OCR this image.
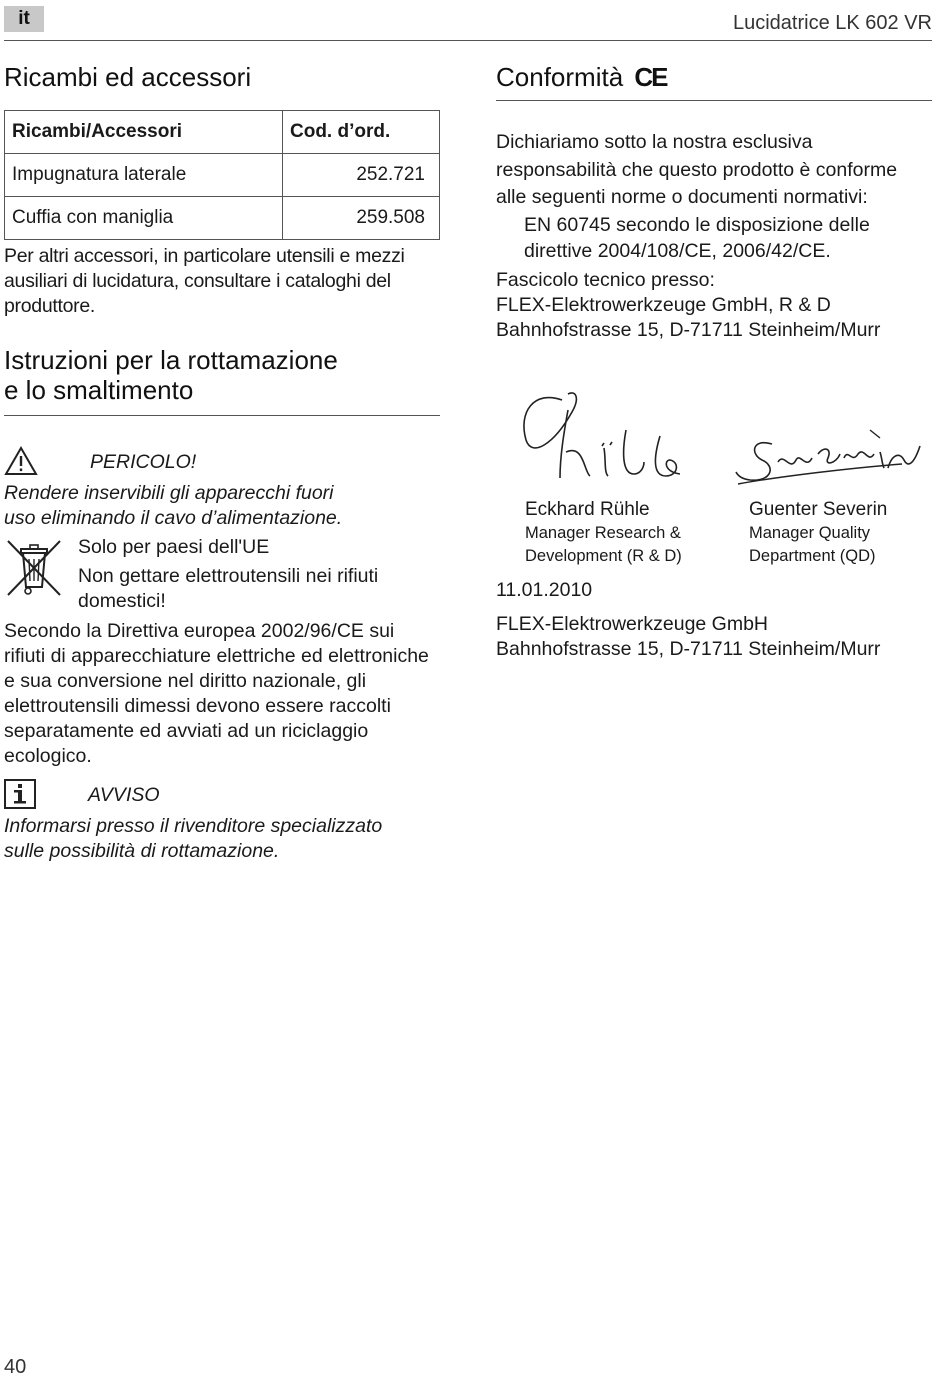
it	Lucidatrice LK 602 VR
Ricambi ed accessori
Ricambi/Accessori	Cod. d’ord.
Impugnatura laterale	252.721
Cuffia con maniglia	259.508

Per altri accessori, in particolare utensili e mezzi ausiliari di lucidatura, consultare i cataloghi del produttore.

Istruzioni per la rottamazione
e lo smaltimento

PERICOLO!

Rendere inservibili gli apparecchi fuori

uso eliminando il cavo d’alimentazione.

Solo per paesi dell'UE

Non gettare elettroutensili nei rifiuti

domestici!

Secondo la Direttiva europea 2002/96/CE sui rifiuti di apparecchiature elettriche ed elettroniche e sua conversione nel diritto nazionale, gli elettroutensili dimessi devono essere raccolti separatamente ed avviati ad un riciclaggio ecologico.

AVVISO

Informarsi presso il rivenditore specializzato

sulle possibilità di rottamazione.

Conformità CE

Dichiariamo sotto la nostra esclusiva responsabilità che questo prodotto è conforme alle seguenti norme o documenti normativi:

EN 60745 secondo le disposizione delle

direttive 2004/108/CE, 2006/42/CE.

Fascicolo tecnico presso:

FLEX-Elektrowerkzeuge GmbH, R & D

Bahnhofstrasse 15, D-71711 Steinheim/Murr

Eckhard Rühle
Manager Research &
Development (R & D)
Guenter Severin
Manager Quality
Department (QD)

11.01.2010

FLEX-Elektrowerkzeuge GmbH

Bahnhofstrasse 15, D-71711 Steinheim/Murr

40
